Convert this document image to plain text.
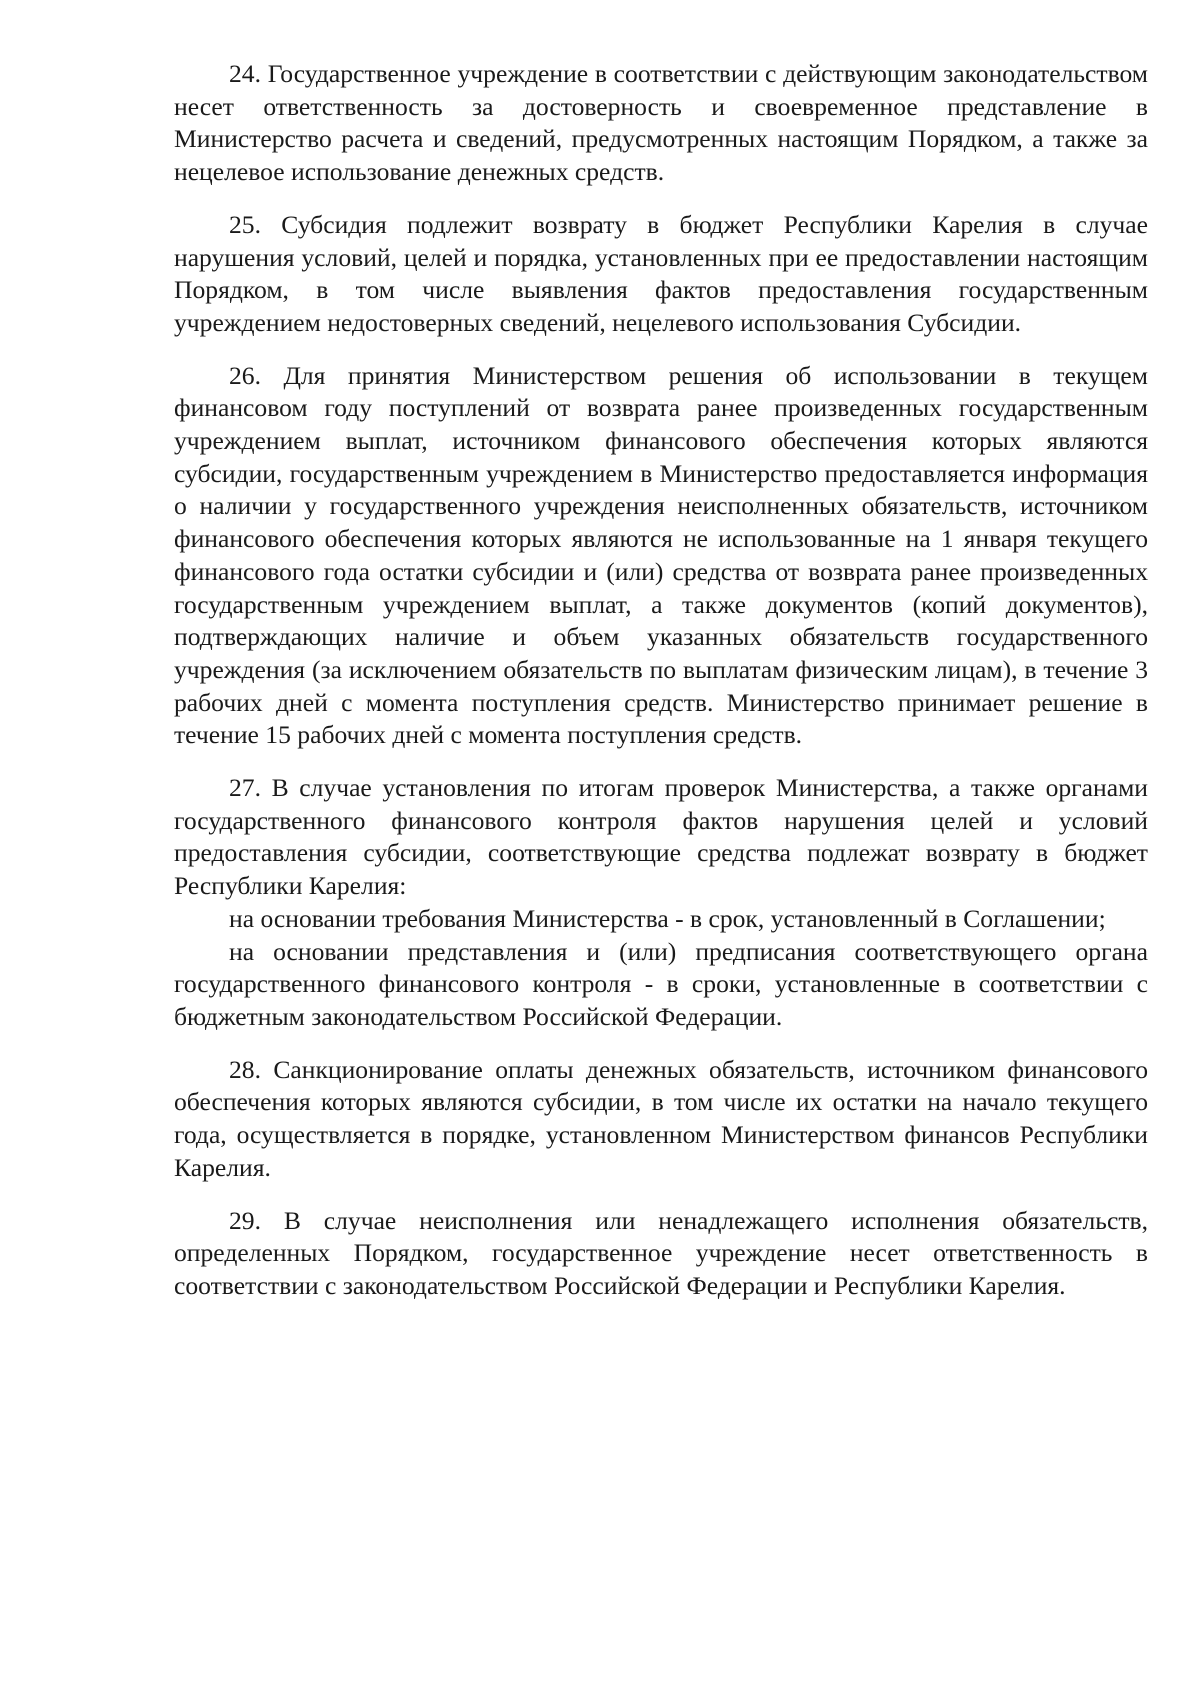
24. Государственное учреждение в соответствии с действующим законодательством несет ответственность за достоверность и своевременное представление в Министерство расчета и сведений, предусмотренных настоящим Порядком, а также за нецелевое использование денежных средств.

25. Субсидия подлежит возврату в бюджет Республики Карелия в случае нарушения условий, целей и порядка, установленных при ее предоставлении настоящим Порядком, в том числе выявления фактов предоставления государственным учреждением недостоверных сведений, нецелевого использования Субсидии.

26. Для принятия Министерством решения об использовании в текущем финансовом году поступлений от возврата ранее произведенных государственным учреждением выплат, источником финансового обеспечения которых являются субсидии, государственным учреждением в Министерство предоставляется информация о наличии у государственного учреждения неисполненных обязательств, источником финансового обеспечения которых являются не использованные на 1 января текущего финансового года остатки субсидии и (или) средства от возврата ранее произведенных государственным учреждением выплат, а также документов (копий документов), подтверждающих наличие и объем указанных обязательств государственного учреждения (за исключением обязательств по выплатам физическим лицам), в течение 3 рабочих дней с момента поступления средств. Министерство принимает решение в течение 15 рабочих дней с момента поступления средств.

27. В случае установления по итогам проверок Министерства, а также органами государственного финансового контроля фактов нарушения целей и условий предоставления субсидии, соответствующие средства подлежат возврату в бюджет Республики Карелия:

на основании требования Министерства - в срок, установленный в Соглашении;

на основании представления и (или) предписания соответствующего органа государственного финансового контроля - в сроки, установленные в соответствии с бюджетным законодательством Российской Федерации.

28. Санкционирование оплаты денежных обязательств, источником финансового обеспечения которых являются субсидии, в том числе их остатки на начало текущего года, осуществляется в порядке, установленном Министерством финансов Республики Карелия.

29. В случае неисполнения или ненадлежащего исполнения обязательств, определенных Порядком, государственное учреждение несет ответственность в соответствии с законодательством Российской Федерации и Республики Карелия.
